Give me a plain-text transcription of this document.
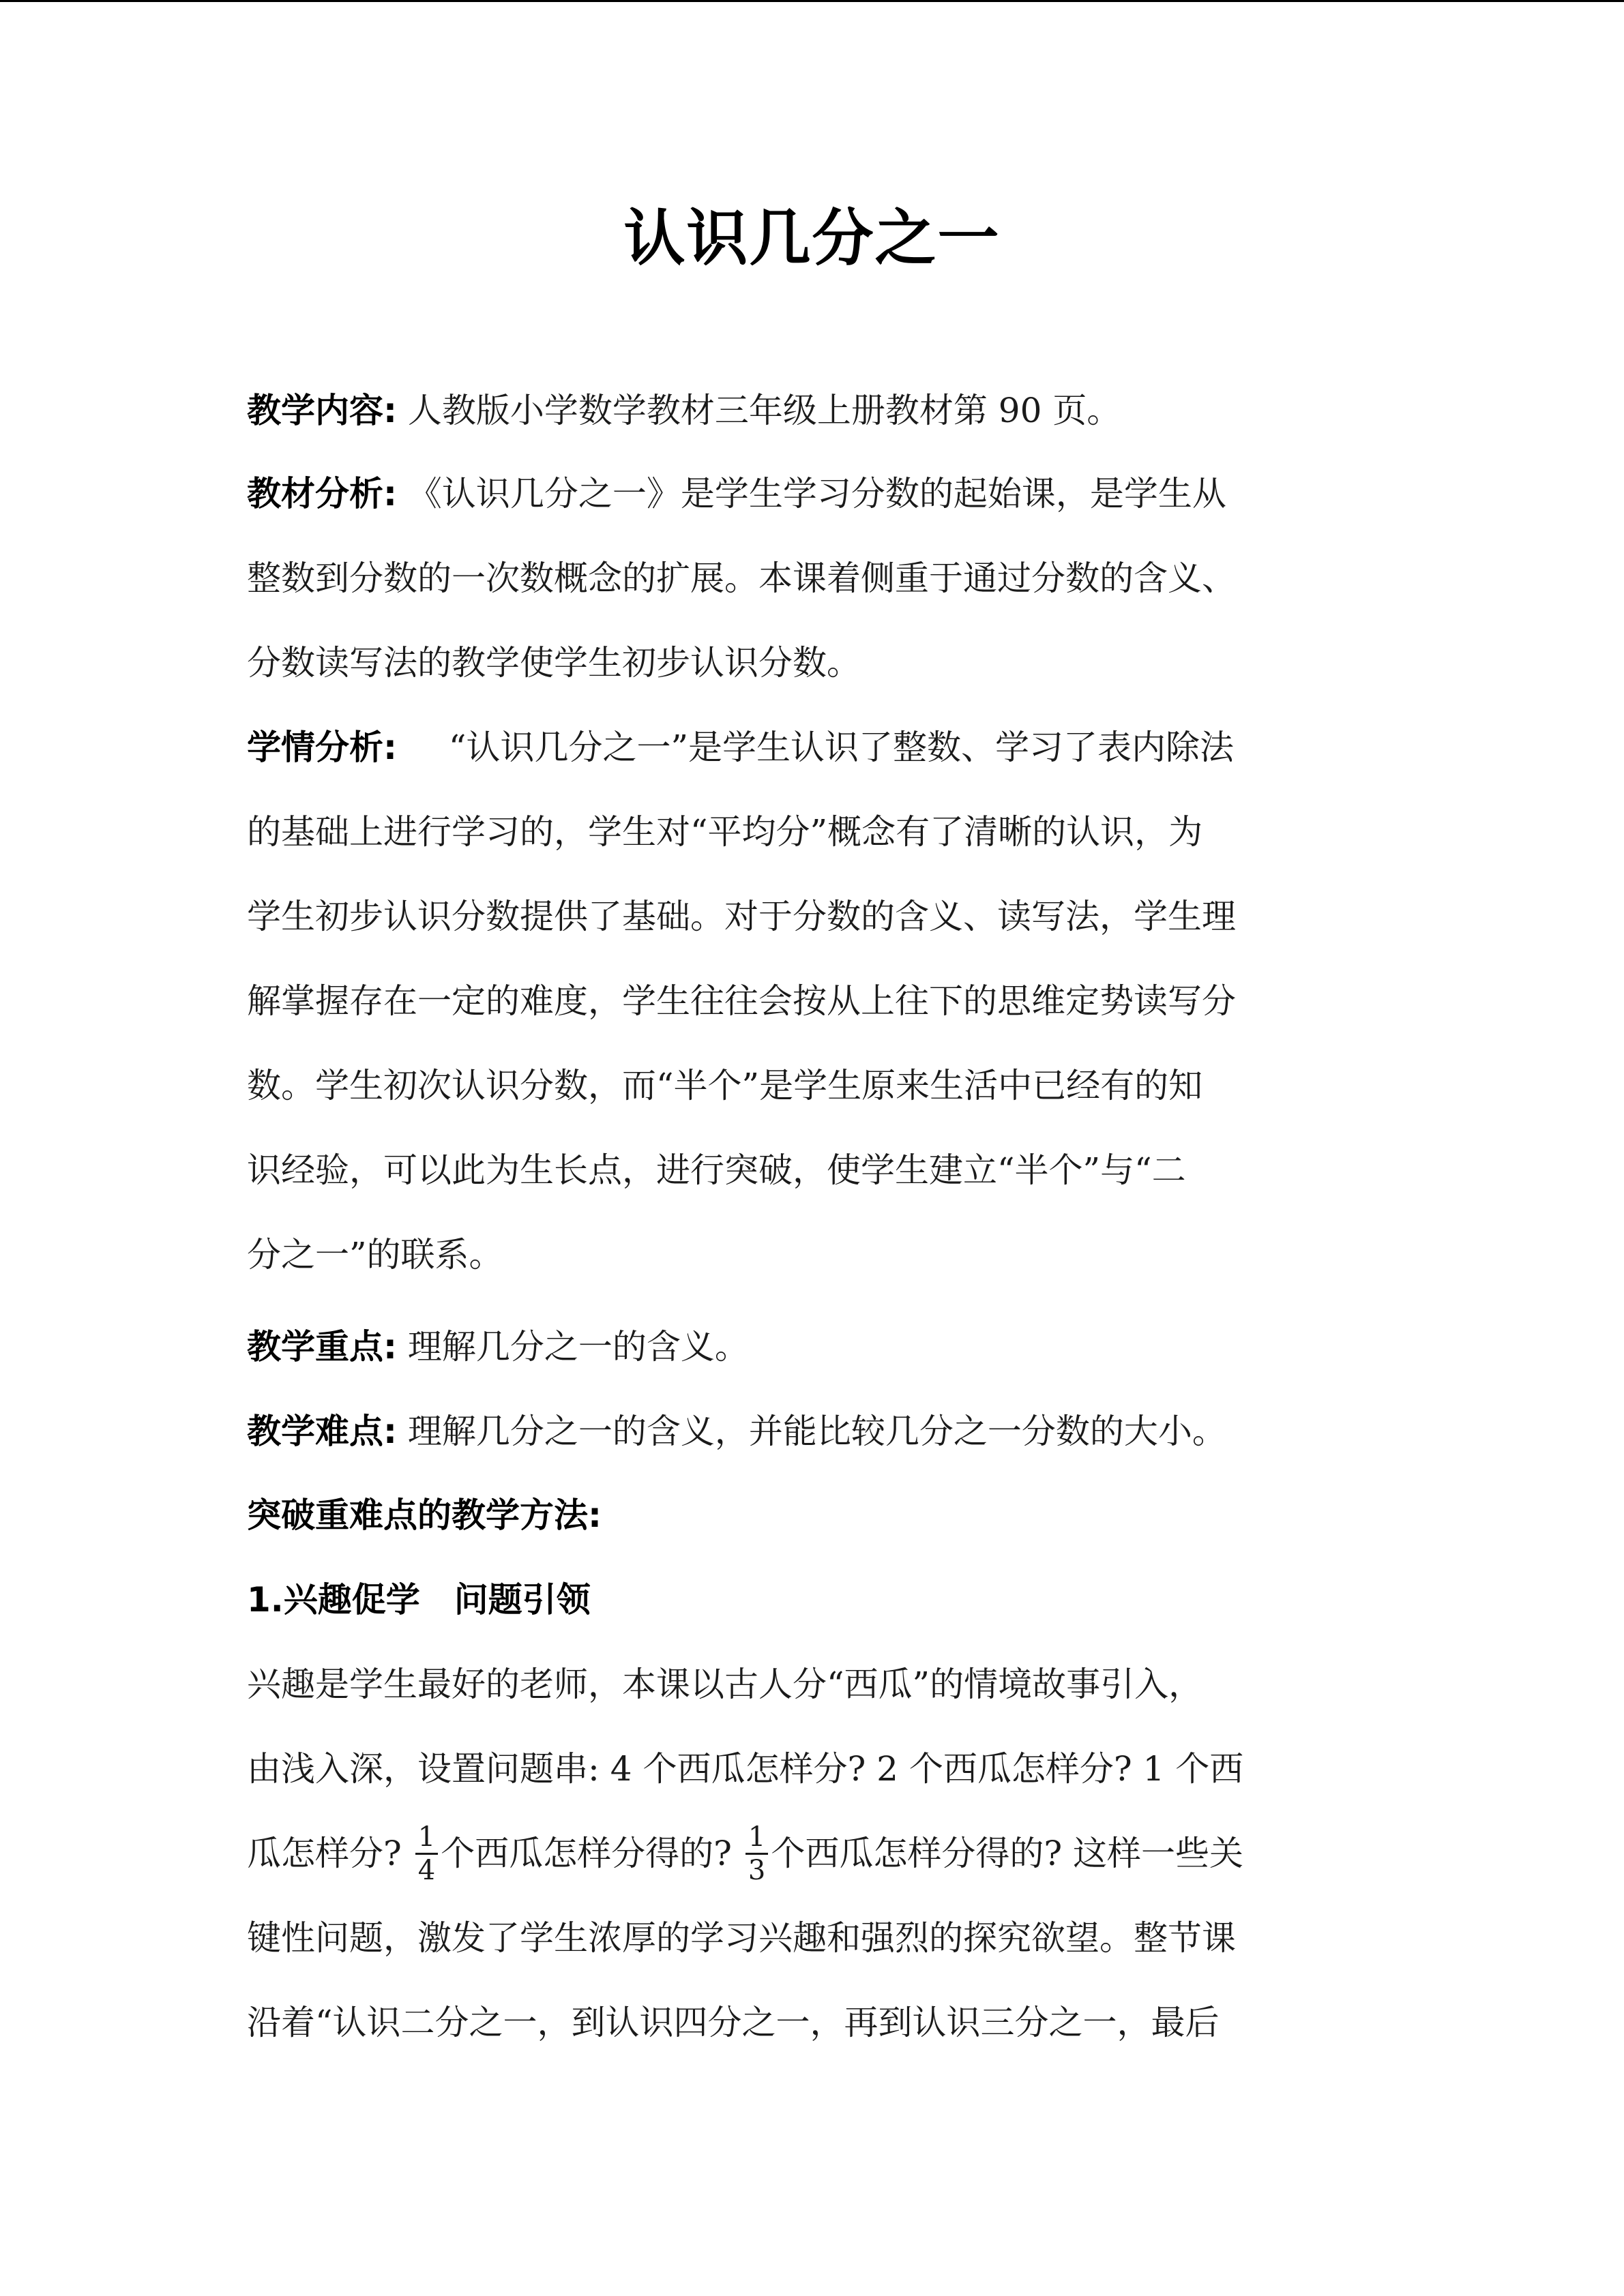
认识几分之一
教学内容: 人教版小学数学教材三年级上册教材第 90 页。
教材分析: 《认识几分之一》是学生学习分数的起始课，是学生从
整数到分数的一次数概念的扩展。本课着侧重于通过分数的含义、
分数读写法的教学使学生初步认识分数。
学情分析: “认识几分之一”是学生认识了整数、学习了表内除法
的基础上进行学习的，学生对“平均分”概念有了清晰的认识，为
学生初步认识分数提供了基础。对于分数的含义、读写法，学生理
解掌握存在一定的难度，学生往往会按从上往下的思维定势读写分
数。学生初次认识分数，而“半个”是学生原来生活中已经有的知
识经验，可以此为生长点，进行突破，使学生建立“半个”与“二
分之一”的联系。
教学重点: 理解几分之一的含义。
教学难点: 理解几分之一的含义，并能比较几分之一分数的大小。
突破重难点的教学方法:
1.兴趣促学　问题引领
兴趣是学生最好的老师，本课以古人分“西瓜”的情境故事引入，
由浅入深，设置问题串: 4 个西瓜怎样分? 2 个西瓜怎样分? 1 个西
瓜怎样分? $\frac{1}{4}$ 个西瓜怎样分得的? $\frac{1}{3}$ 个西瓜怎样分得的? 这样一些关
键性问题，激发了学生浓厚的学习兴趣和强烈的探究欲望。整节课
沿着“认识二分之一，到认识四分之一，再到认识三分之一，最后
